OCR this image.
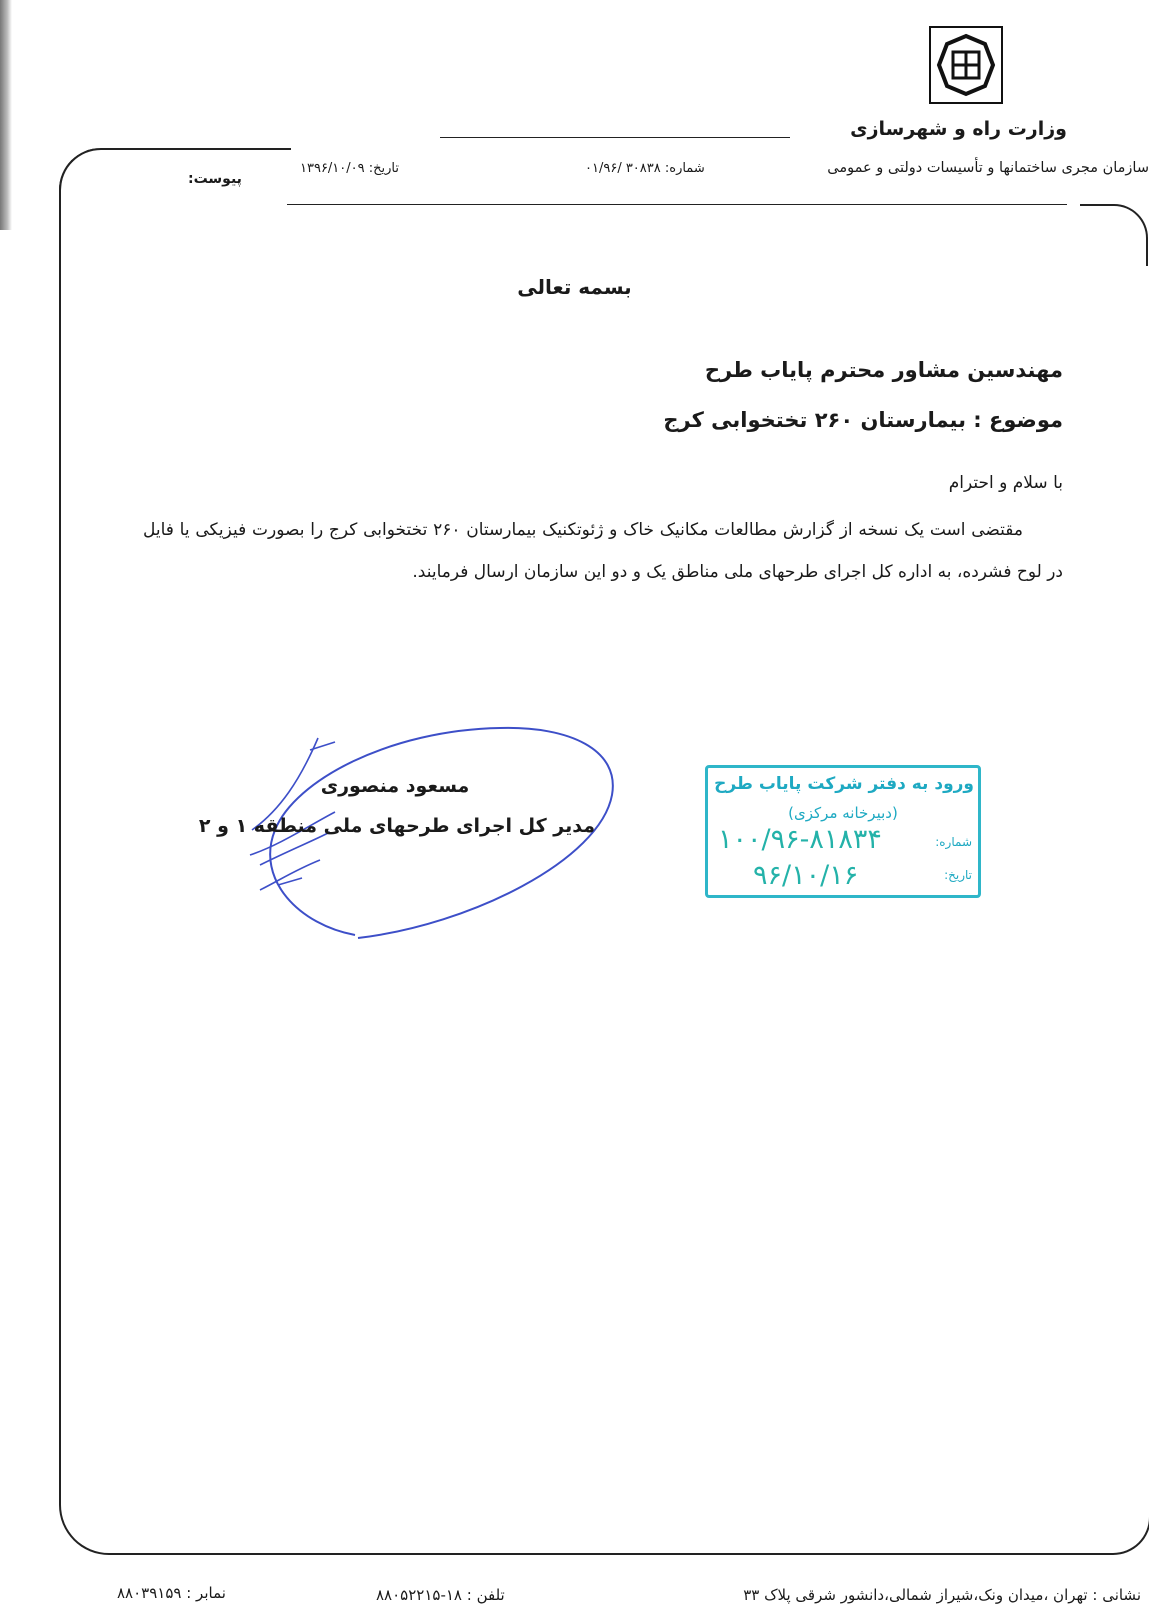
وزارت راه و شهرسازی
سازمان مجری ساختمانها و تأسیسات دولتی و عمومی
شماره: ۳۰۸۳۸ /۰۱/۹۶
تاریخ: ۱۳۹۶/۱۰/۰۹
پیوست:
بسمه تعالی
مهندسین مشاور محترم پایاب طرح
موضوع : بیمارستان ۲۶۰ تختخوابی کرج
با سلام و احترام
مقتضی است یک نسخه از گزارش مطالعات مکانیک خاک و ژئوتکنیک بیمارستان ۲۶۰ تختخوابی کرج را بصورت فیزیکی یا فایل در لوح فشرده، به اداره کل اجرای طرحهای ملی مناطق یک و دو این سازمان ارسال فرمایند.
مسعود منصوری
مدیر کل اجرای طرحهای ملی منطقه ۱ و ۲
ورود به دفتر شرکت پایاب طرح
(دبیرخانه مرکزی)
شماره:
۱۰۰/۹۶-۸۱۸۳۴
تاریخ:
۹۶/۱۰/۱۶
نشانی : تهران ،میدان ونک،شیراز شمالی،دانشور شرقی پلاک ۳۳
تلفن : ۱۸-۸۸۰۵۲۲۱۵
نمابر : ۸۸۰۳۹۱۵۹
